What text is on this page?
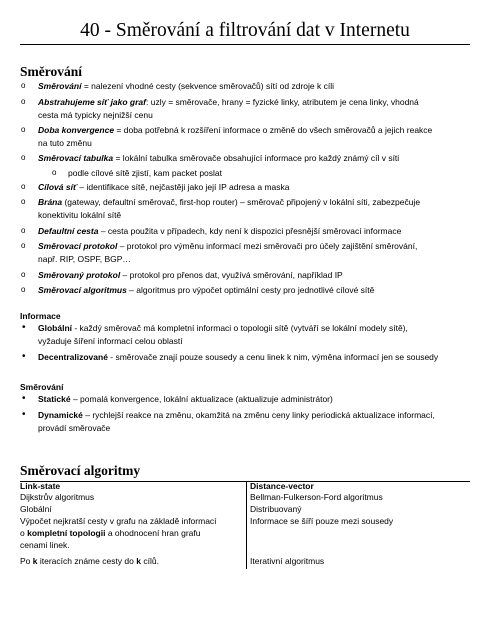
40 - Směrování a filtrování dat v Internetu
Směrování
o Směrování = nalezení vhodné cesty (sekvence směrovačů) sítí od zdroje k cíli
o Abstrahujeme síť jako graf: uzly = směrovače, hrany = fyzické linky, atributem je cena linky, vhodná
cesta má typicky nejnižší cenu
o Doba konvergence = doba potřebná k rozšíření informace o změně do všech směrovačů a jejich reakce
na tuto změnu
o Směrovací tabulka = lokální tabulka směrovače obsahující informace pro každý známý cíl v síti
o podle cílové sítě zjistí, kam packet poslat
o Cílová síť – identifikace sítě, nejčastěji jako její IP adresa a maska
o Brána (gateway, defaultní směrovač, first-hop router) – směrovač připojený v lokální síti, zabezpečuje
konektivitu lokální sítě
o Defaultní cesta – cesta použita v případech, kdy není k dispozici přesnější směrovací informace
o Směrovací protokol – protokol pro výměnu informací mezi směrovači pro účely zajištění směrování,
např. RIP, OSPF, BGP…
o Směrovaný protokol – protokol pro přenos dat, využívá směrování, například IP
o Směrovací algoritmus – algoritmus pro výpočet optimální cesty pro jednotlivé cílové sítě
Informace
• Globální - každý směrovač má kompletní informaci o topologii sítě (vytváří se lokální modely sítě),
vyžaduje šíření informací celou oblastí
• Decentralizované - směrovače znají pouze sousedy a cenu linek k nim, výměna informací jen se sousedy
Směrování
• Statické – pomalá konvergence, lokální aktualizace (aktualizuje administrátor)
• Dynamické – rychlejší reakce na změnu, okamžitá na změnu ceny linky periodická aktualizace informací,
provádí směrovače
Směrovací algoritmy
Link-state
Dijkstrův algoritmus
Globální
Výpočet nejkratší cesty v grafu na základě informací
o kompletní topologii a ohodnocení hran grafu
cenami linek.
Po k iteracích známe cesty do k cílů.
Distance-vector
Bellman-Fulkerson-Ford algoritmus
Distribuovaný
Informace se šíří pouze mezi sousedy
Iterativní algoritmus
